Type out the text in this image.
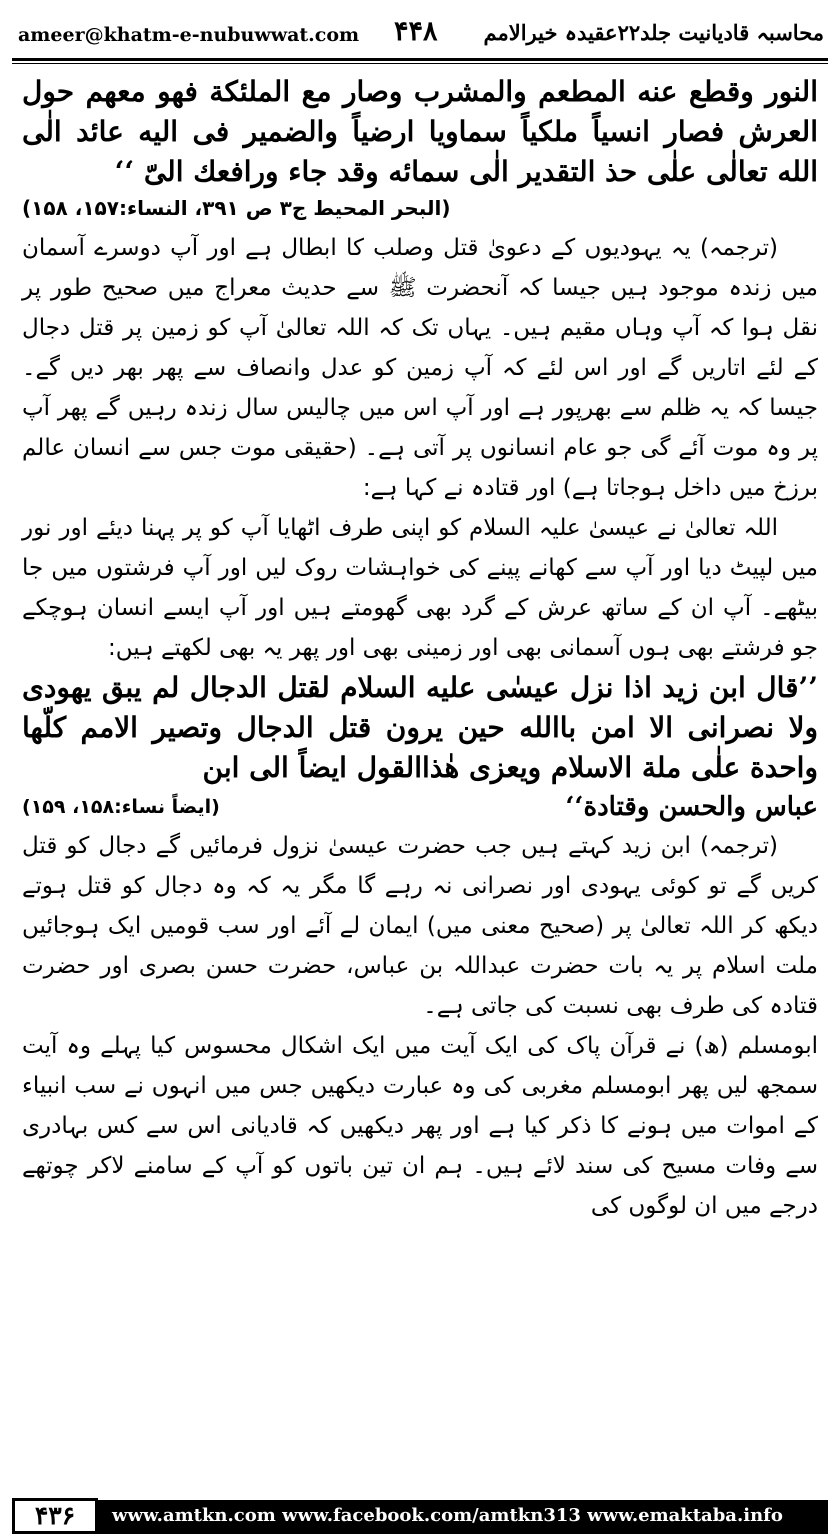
ameer@khatm-e-nubuwwat.com ۴۴۸ محاسبہ قادیانیت جلد۲۲عقیدہ خیرالامم

النور وقطع عنه المطعم والمشرب وصار مع الملئكة فهو معهم حول العرش فصار انسياً ملكياً سماويا ارضياً والضمير فى اليه عائد الٰى الله تعالٰى علٰى حذ التقدير الٰى سمائه وقد جاء ورافعك الىّ ‘‘

(البحر المحيط ج۳ ص ۳۹۱، النساء:۱۵۷، ۱۵۸)

(ترجمہ) یہ یہودیوں کے دعویٰ قتل وصلب کا ابطال ہے اور آپ دوسرے آسمان میں زندہ موجود ہیں جیسا کہ آنحضرت ﷺ سے حدیث معراج میں صحیح طور پر نقل ہوا کہ آپ وہاں مقیم ہیں۔ یہاں تک کہ اللہ تعالیٰ آپ کو زمین پر قتل دجال کے لئے اتاریں گے اور اس لئے کہ آپ زمین کو عدل وانصاف سے پھر بھر دیں گے۔ جیسا کہ یہ ظلم سے بھرپور ہے اور آپ اس میں چالیس سال زندہ رہیں گے پھر آپ پر وہ موت آئے گی جو عام انسانوں پر آتی ہے۔ (حقیقی موت جس سے انسان عالم برزخ میں داخل ہوجاتا ہے) اور قتادہ نے کہا ہے:

اللہ تعالیٰ نے عیسیٰ علیہ السلام کو اپنی طرف اٹھایا آپ کو پر پہنا دیئے اور نور میں لپیٹ دیا اور آپ سے کھانے پینے کی خواہشات روک لیں اور آپ فرشتوں میں جا بیٹھے۔ آپ ان کے ساتھ عرش کے گرد بھی گھومتے ہیں اور آپ ایسے انسان ہوچکے جو فرشتے بھی ہوں آسمانی بھی اور زمینی بھی اور پھر یہ بھی لکھتے ہیں:

’’قال ابن زيد اذا نزل عيسٰى عليه السلام لقتل الدجال لم يبق يهودى ولا نصرانى الا امن باالله حين يرون قتل الدجال وتصير الامم كلّها واحدة علٰى ملة الاسلام ويعزى هٰذاالقول ايضاً الى ابن

عباس والحسن وقتادة‘‘
(ایضاً نساء:۱۵۸، ۱۵۹)

(ترجمہ) ابن زید کہتے ہیں جب حضرت عیسیٰ نزول فرمائیں گے دجال کو قتل کریں گے تو کوئی یہودی اور نصرانی نہ رہے گا مگر یہ کہ وہ دجال کو قتل ہوتے دیکھ کر اللہ تعالیٰ پر (صحیح معنی میں) ایمان لے آئے اور سب قومیں ایک ہوجائیں ملت اسلام پر یہ بات حضرت عبداللہ بن عباس، حضرت حسن بصری اور حضرت قتادہ کی طرف بھی نسبت کی جاتی ہے۔

ابومسلم (ھ) نے قرآن پاک کی ایک آیت میں ایک اشکال محسوس کیا پہلے وہ آیت سمجھ لیں پھر ابومسلم مغربی کی وہ عبارت دیکھیں جس میں انہوں نے سب انبیاء کے اموات میں ہونے کا ذکر کیا ہے اور پھر دیکھیں کہ قادیانی اس سے کس بہادری سے وفات مسیح کی سند لائے ہیں۔ ہم ان تین باتوں کو آپ کے سامنے لاکر چوتھے درجے میں ان لوگوں کی

۴۳۶	www.amtkn.com www.facebook.com/amtkn313 www.emaktaba.info
